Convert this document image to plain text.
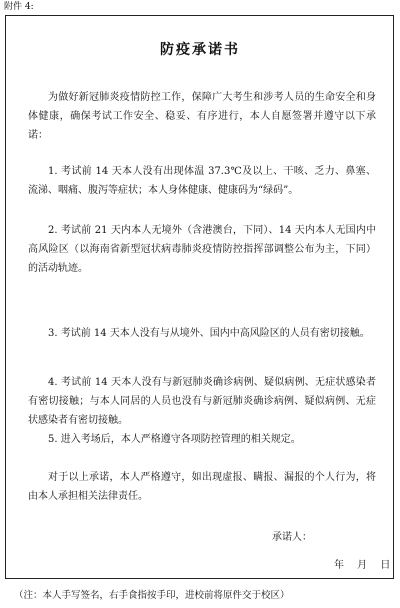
附件 4:
防疫承诺书

为做好新冠肺炎疫情防控工作，保障广大考生和涉考人员的生命安全和身体健康，确保考试工作安全、稳妥、有序进行，本人自愿签署并遵守以下承诺：

1. 考试前 14 天本人没有出现体温 37.3℃及以上、干咳、乏力、鼻塞、流涕、咽痛、腹泻等症状；本人身体健康、健康码为“绿码”。

2. 考试前 21 天内本人无境外（含港澳台，下同）、14 天内本人无国内中高风险区（以海南省新型冠状病毒肺炎疫情防控指挥部调整公布为主，下同）的活动轨迹。

3. 考试前 14 天本人没有与从境外、国内中高风险区的人员有密切接触。

4. 考试前 14 天本人没有与新冠肺炎确诊病例、疑似病例、无症状感染者有密切接触；与本人同居的人员也没有与新冠肺炎确诊病例、疑似病例、无症状感染者有密切接触。

5. 进入考场后，本人严格遵守各项防控管理的相关规定。

对于以上承诺，本人严格遵守，如出现虚报、瞒报、漏报的个人行为，将由本人承担相关法律责任。

承诺人：
年　 月　 日
（注：本人手写签名，右手食指按手印，进校前将原件交于校区）
